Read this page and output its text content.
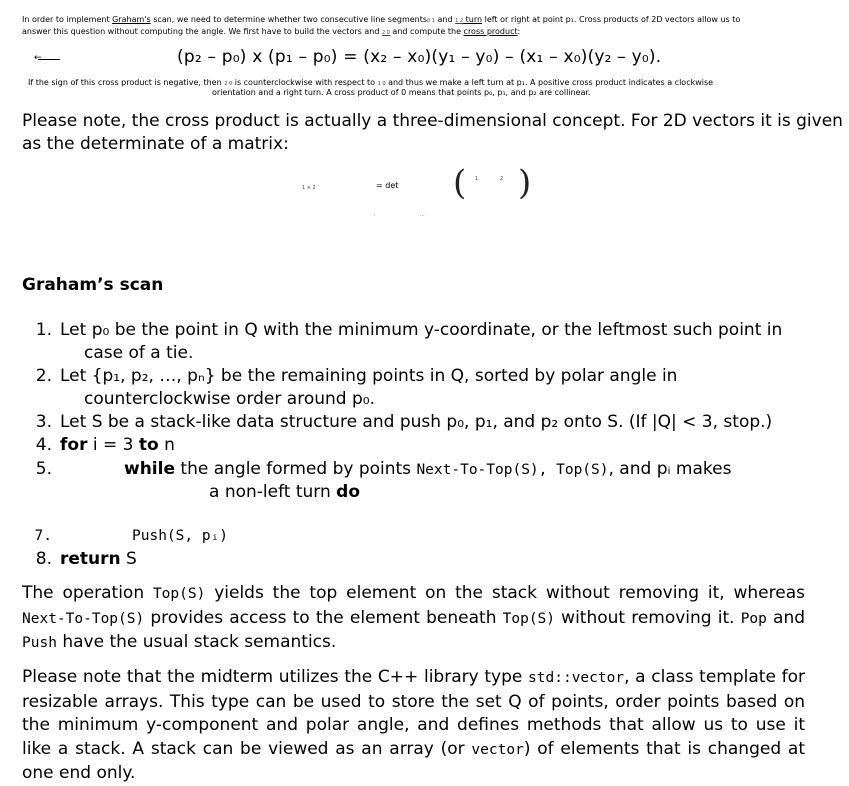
In order to implement Graham's scan, we need to determine whether two consecutive line segments0 1 and 1 2 turn left or right at point p₁. Cross products of 2D vectors allow us to
answer this question without computing the angle. We first have to build the vectors and 2 0 and compute the cross product:
←	(p₂ – p₀) x (p₁ – p₀) = (x₂ – x₀)(y₁ – y₀) – (x₁ – x₀)(y₂ – y₀).
If the sign of this cross product is negative, then 2 0 is counterclockwise with respect to 1 0 and thus we make a left turn at p₁. A positive cross product indicates a clockwise
orientation and a right turn. A cross product of 0 means that points p₀, p₁, and p₂ are collinear.
Please note, the cross product is actually a three-dimensional concept. For 2D vectors it is given
as the determinate of a matrix:
1 × 2	= det ( )
1	2
:	...
Graham’s scan
1. Let p₀ be the point in Q with the minimum y-coordinate, or the leftmost such point in
case of a tie.
2. Let {p₁, p₂, …, pₙ} be the remaining points in Q, sorted by polar angle in
counterclockwise order around p₀.
3. Let S be a stack-like data structure and push p₀, p₁, and p₂ onto S. (If |Q| < 3, stop.)
4. for i = 3 to n
5.	while the angle formed by points Next-To-Top(S), Top(S), and pᵢ makes
a non-left turn do
7.	Push(S, pᵢ)
8. return S
The operation Top(S) yields the top element on the stack without removing it, whereas Next-To-Top(S) provides access to the element beneath Top(S) without removing it. Pop and Push have the usual stack semantics.
Please note that the midterm utilizes the C++ library type std::vector, a class template for resizable arrays. This type can be used to store the set Q of points, order points based on the minimum y-component and polar angle, and defines methods that allow us to use it like a stack. A stack can be viewed as an array (or vector) of elements that is changed at one end only.
